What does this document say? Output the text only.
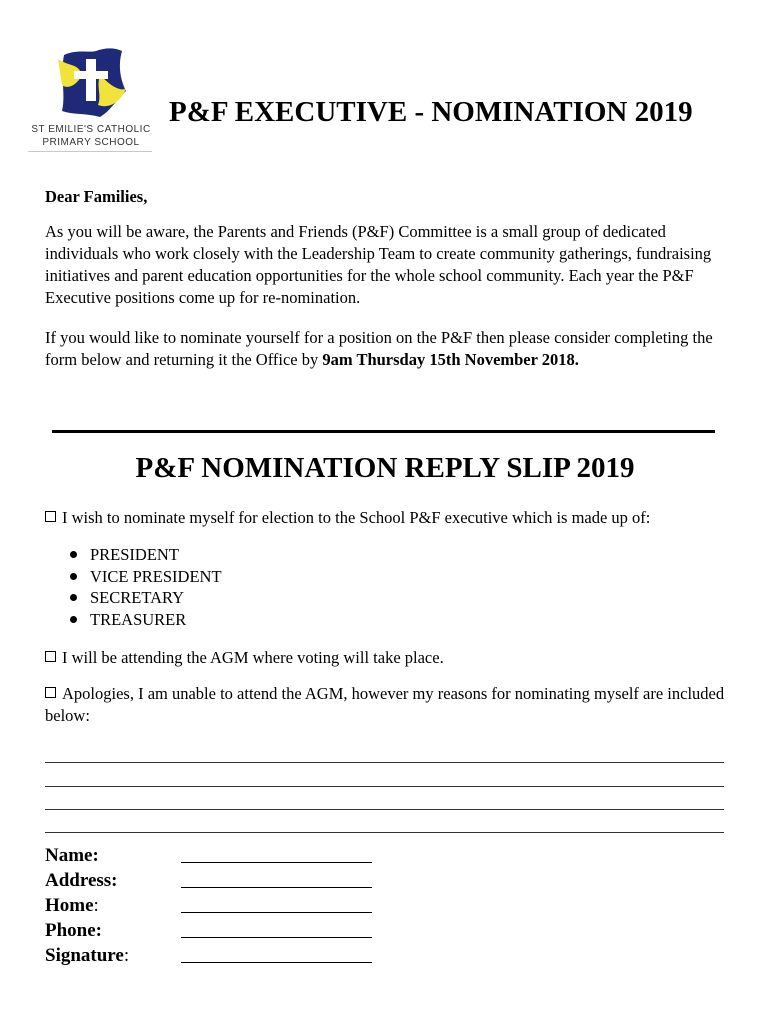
ST EMILIE'S CATHOLIC
PRIMARY SCHOOL
P&F EXECUTIVE - NOMINATION 2019
Dear Families,
As you will be aware, the Parents and Friends (P&F) Committee is a small group of dedicated individuals who work closely with the Leadership Team to create community gatherings, fundraising initiatives and parent education opportunities for the whole school community. Each year the P&F Executive positions come up for re-nomination.
If you would like to nominate yourself for a position on the P&F then please consider completing the form below and returning it the Office by 9am Thursday 15th November 2018.
P&F NOMINATION REPLY SLIP 2019
I wish to nominate myself for election to the School P&F executive which is made up of:
PRESIDENT
VICE PRESIDENT
SECRETARY
TREASURER
I will be attending the AGM where voting will take place.
Apologies, I am unable to attend the AGM, however my reasons for nominating myself are included below:
Name:
Address:
Home:
Phone:
Signature:
